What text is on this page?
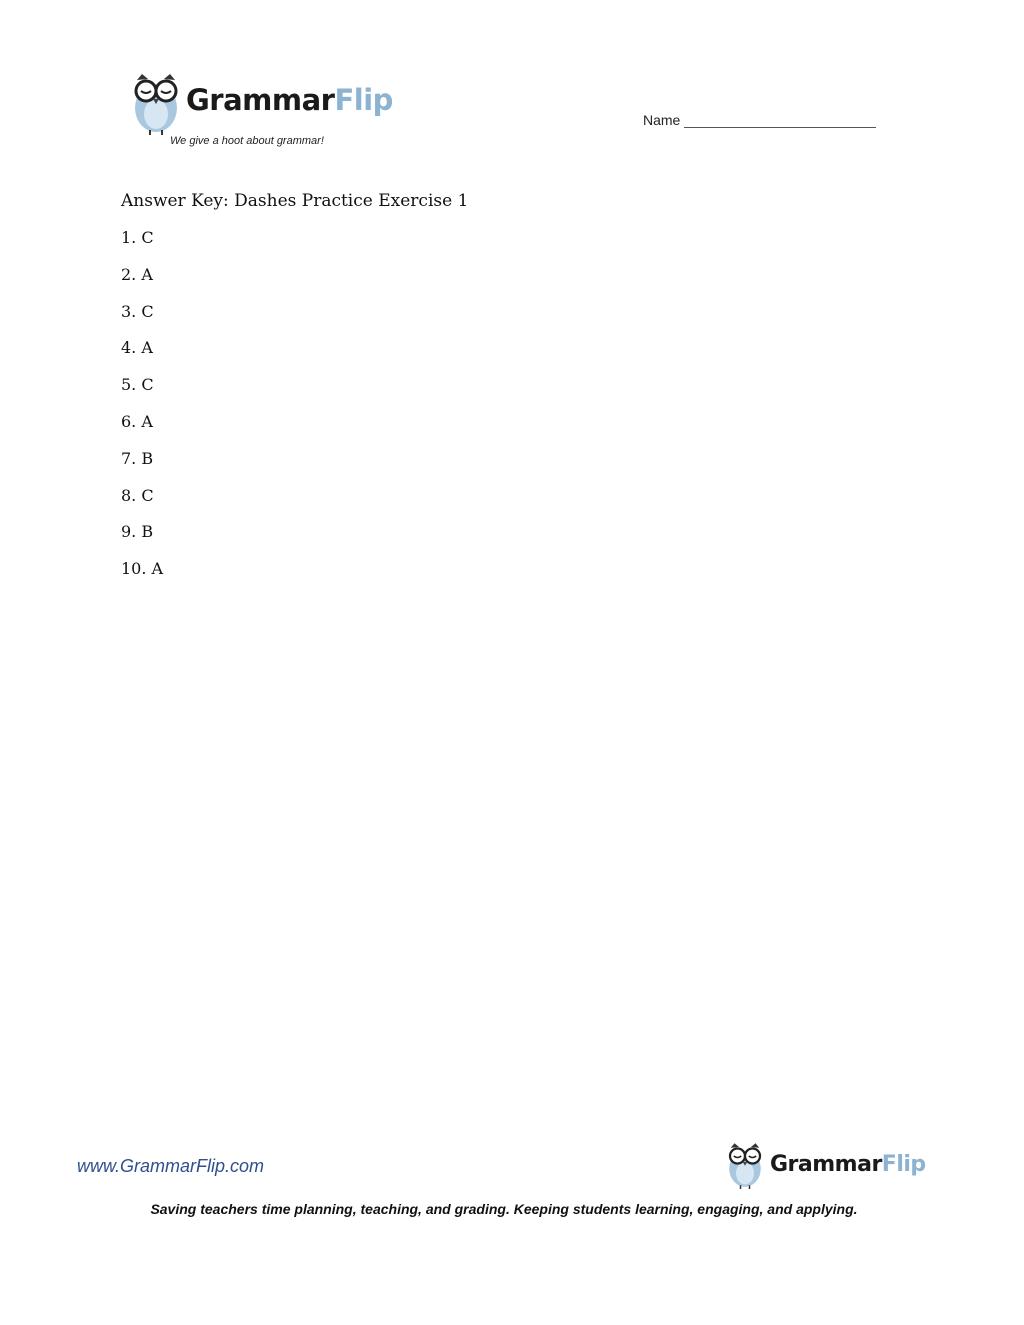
GrammarFlip
We give a hoot about grammar!
Name
Answer Key: Dashes Practice Exercise 1
1. C
2. A
3. C
4. A
5. C
6. A
7. B
8. C
9. B
10. A
www.GrammarFlip.com	GrammarFlip
Saving teachers time planning, teaching, and grading. Keeping students learning, engaging, and applying.
